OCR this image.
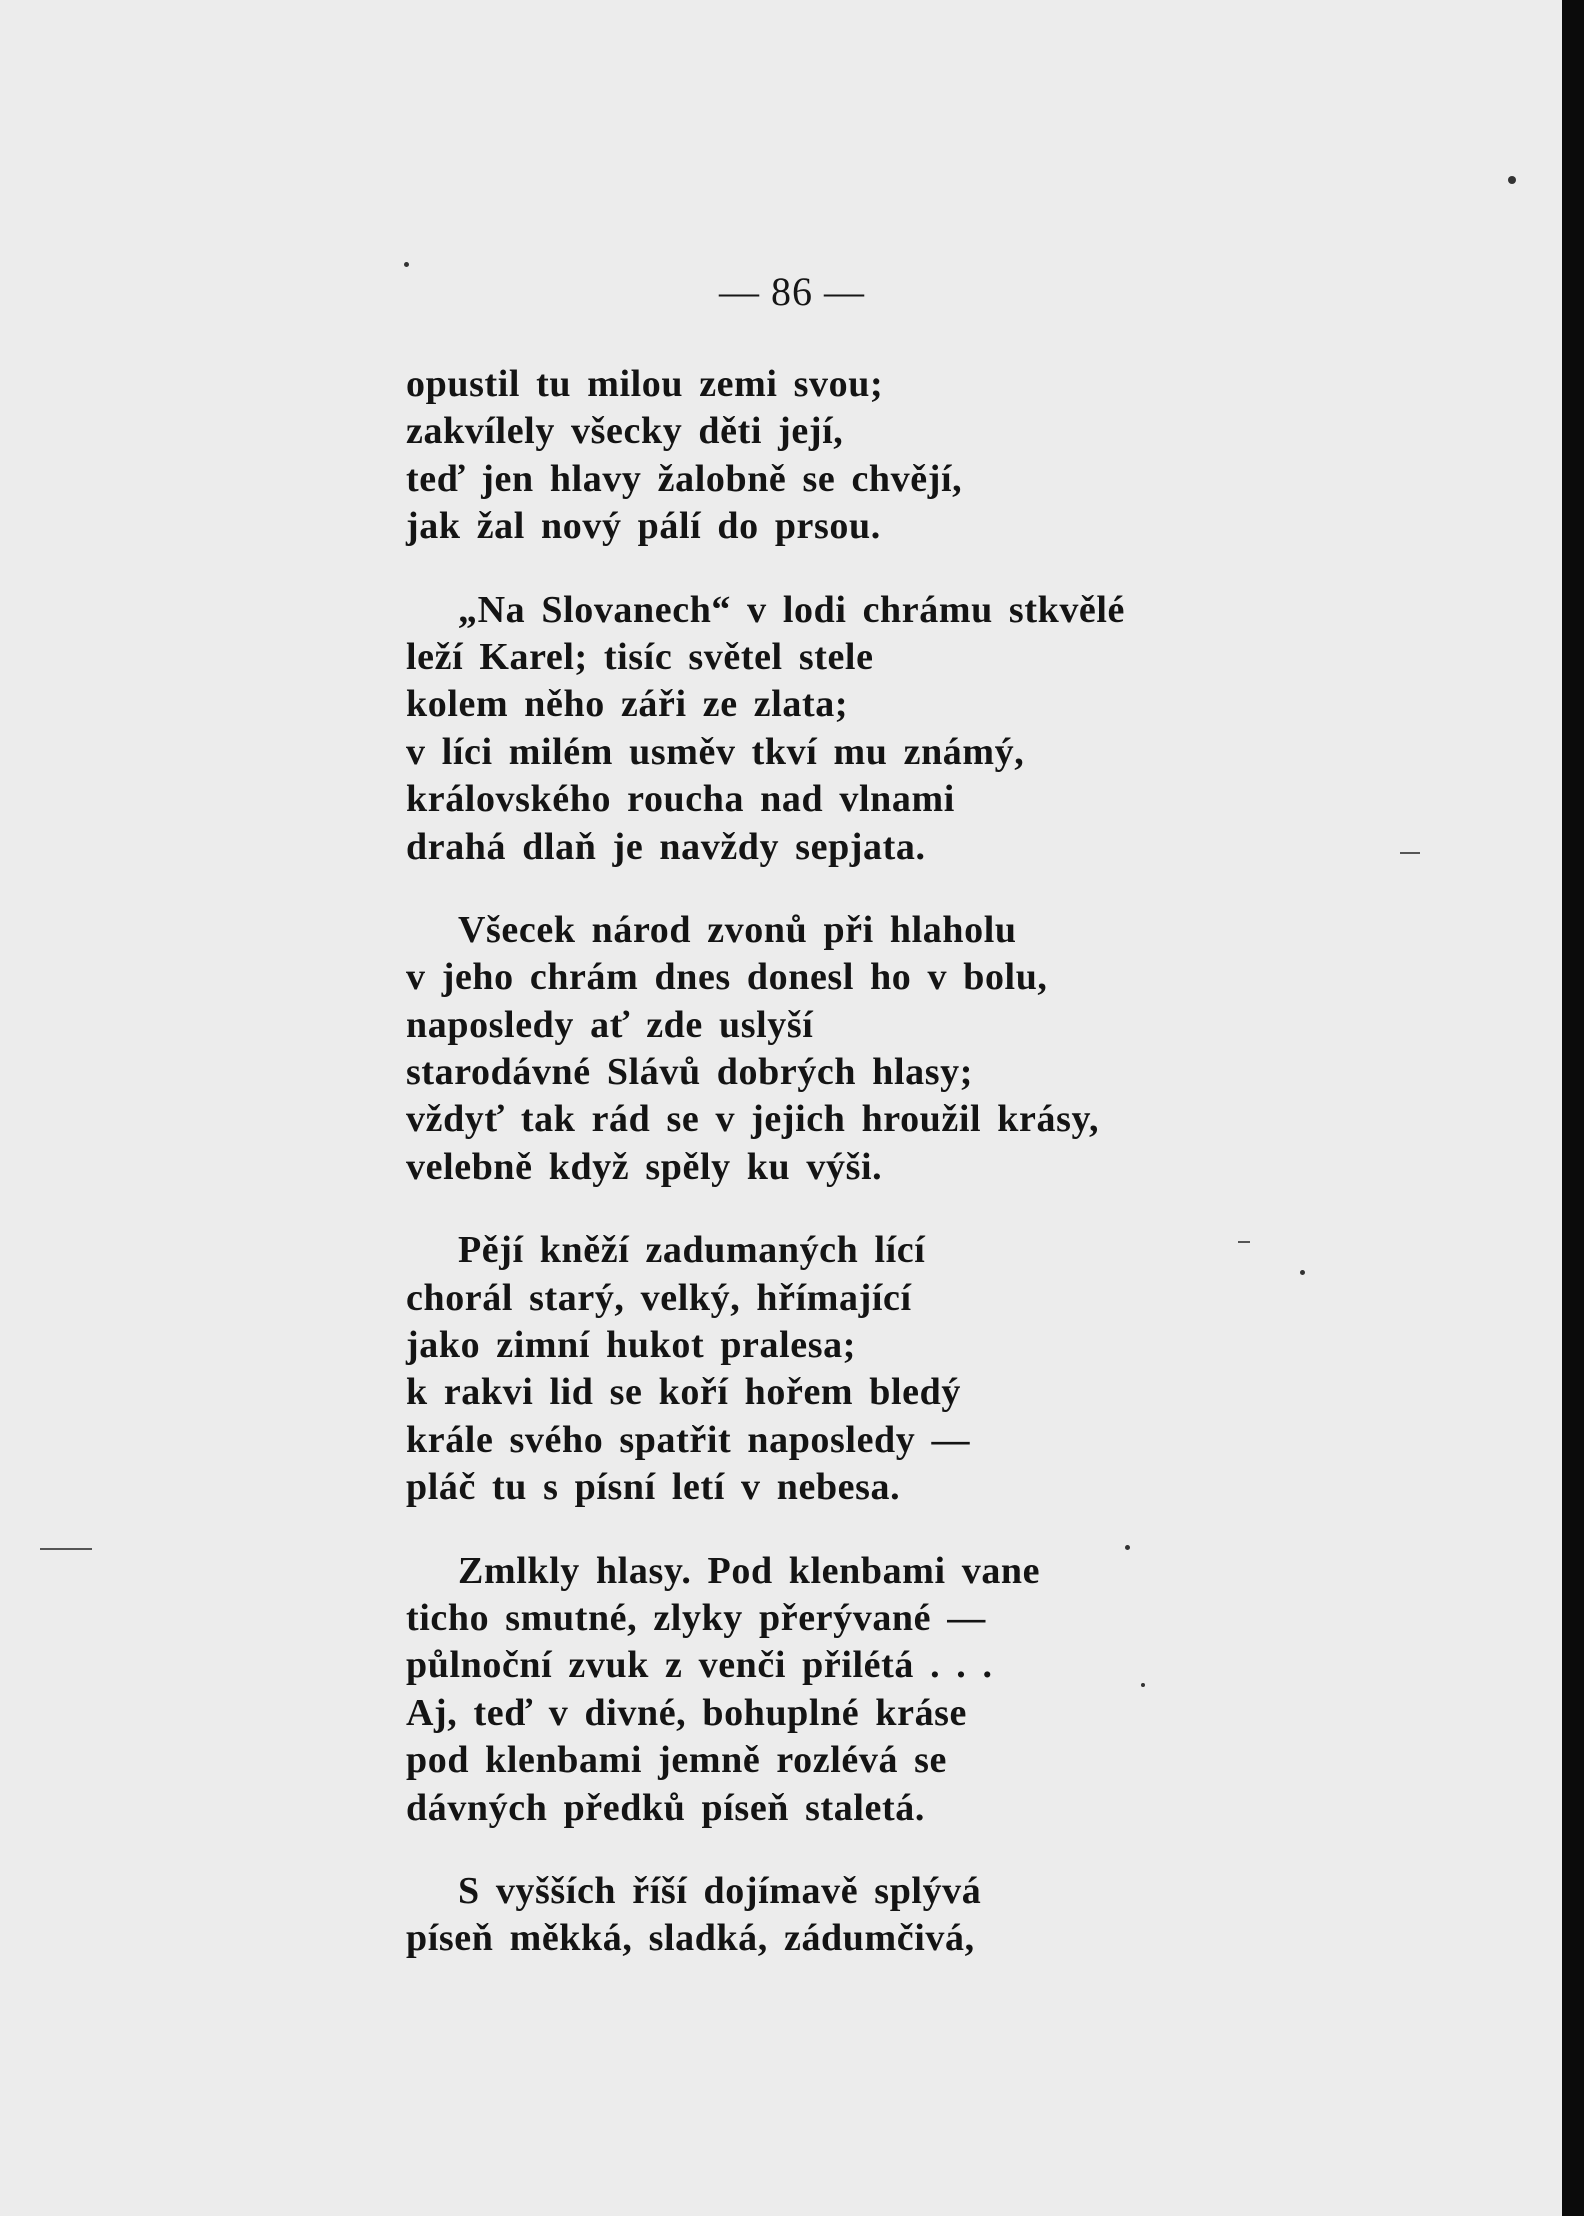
— 86 —
opustil tu milou zemi svou;
zakvílely všecky děti její,
teď jen hlavy žalobně se chvějí,
jak žal nový pálí do prsou.
„Na Slovanech“ v lodi chrámu stkvělé
leží Karel; tisíc světel stele
kolem něho záři ze zlata;
v líci milém usměv tkví mu známý,
královského roucha nad vlnami
drahá dlaň je navždy sepjata.
Všecek národ zvonů při hlaholu
v jeho chrám dnes donesl ho v bolu,
naposledy ať zde uslyší
starodávné Slávů dobrých hlasy;
vždyť tak rád se v jejich hroužil krásy,
velebně když spěly ku výši.
Pějí kněží zadumaných lící
chorál starý, velký, hřímající
jako zimní hukot pralesa;
k rakvi lid se koří hořem bledý
krále svého spatřit naposledy —
pláč tu s písní letí v nebesa.
Zmlkly hlasy. Pod klenbami vane
ticho smutné, zlyky přerývané —
půlnoční zvuk z venči přilétá . . .
Aj, teď v divné, bohuplné kráse
pod klenbami jemně rozlévá se
dávných předků píseň staletá.
S vyšších říší dojímavě splývá
píseň měkká, sladká, zádumčivá,
